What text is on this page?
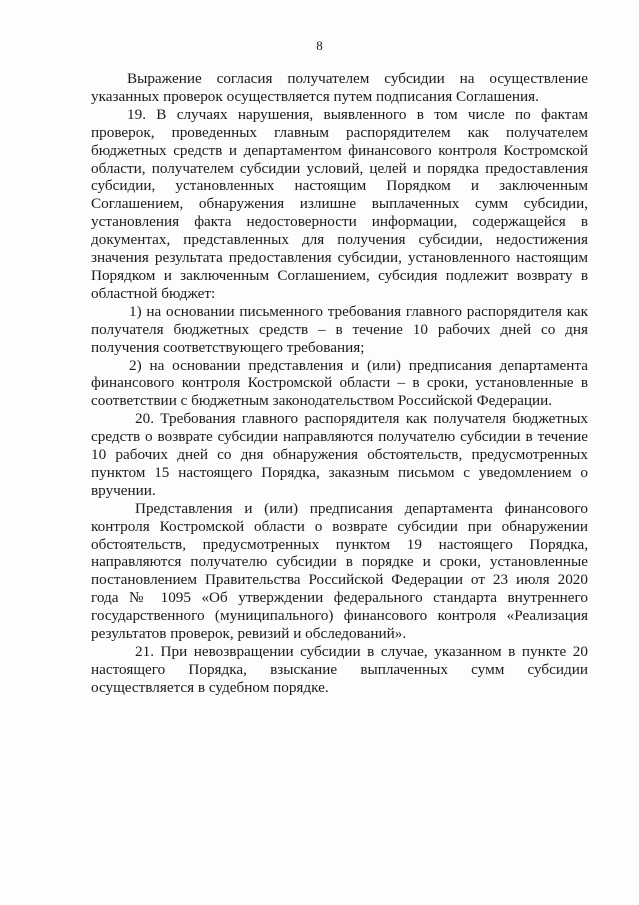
8

Выражение согласия получателем субсидии на осуществление указанных проверок осуществляется путем подписания Соглашения.

19. В случаях нарушения, выявленного в том числе по фактам проверок, проведенных главным распорядителем как получателем бюджетных средств и департаментом финансового контроля Костромской области, получателем субсидии условий, целей и порядка предоставления субсидии, установленных настоящим Порядком и заключенным Соглашением, обнаружения излишне выплаченных сумм субсидии, установления факта недостоверности информации, содержащейся в документах, представленных для получения субсидии, недостижения значения результата предоставления субсидии, установленного настоящим Порядком и заключенным Соглашением, субсидия подлежит возврату в областной бюджет:

1) на основании письменного требования главного распорядителя как получателя бюджетных средств – в течение 10 рабочих дней со дня получения соответствующего требования;

2) на основании представления и (или) предписания департамента финансового контроля Костромской области – в сроки, установленные в соответствии с бюджетным законодательством Российской Федерации.

20. Требования главного распорядителя как получателя бюджетных средств о возврате субсидии направляются получателю субсидии в течение 10 рабочих дней со дня обнаружения обстоятельств, предусмотренных пунктом 15 настоящего Порядка, заказным письмом с уведомлением о вручении.

Представления и (или) предписания департамента финансового контроля Костромской области о возврате субсидии при обнаружении обстоятельств, предусмотренных пунктом 19 настоящего Порядка, направляются получателю субсидии в порядке и сроки, установленные постановлением Правительства Российской Федерации от 23 июля 2020 года № 1095 «Об утверждении федерального стандарта внутреннего государственного (муниципального) финансового контроля «Реализация результатов проверок, ревизий и обследований».

21. При невозвращении субсидии в случае, указанном в пункте 20 настоящего Порядка, взыскание выплаченных сумм субсидии осуществляется в судебном порядке.
